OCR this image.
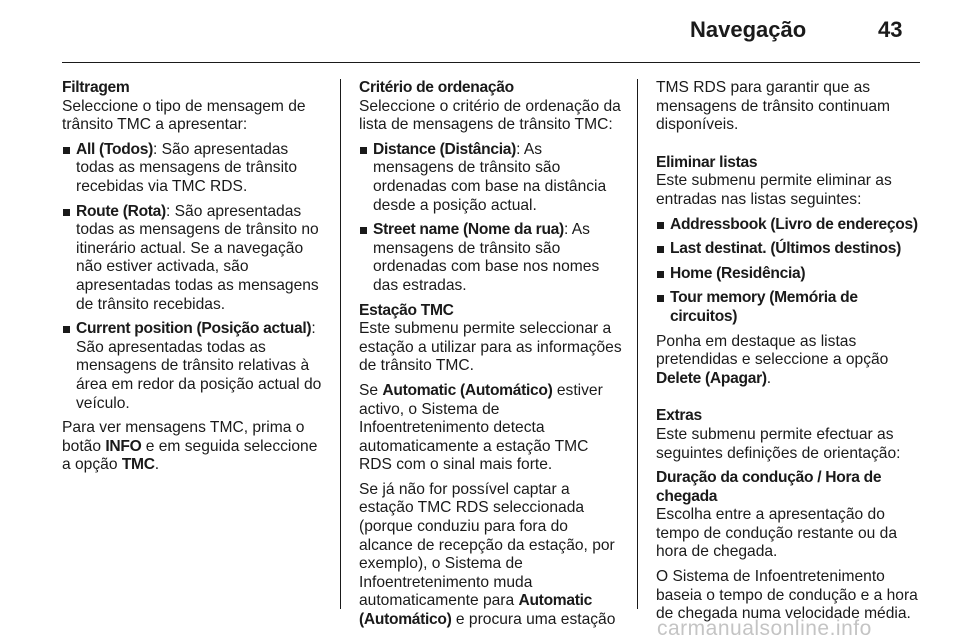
Navegação	43
Filtragem

Seleccione o tipo de mensagem de trânsito TMC a apresentar:

All (Todos): São apresentadas todas as mensagens de trânsito recebidas via TMC RDS.
Route (Rota): São apresentadas todas as mensagens de trânsito no itinerário actual. Se a navegação não estiver activada, são apresentadas todas as mensagens de trânsito recebidas.
Current position (Posição actual): São apresentadas todas as mensagens de trânsito relativas à área em redor da posição actual do veículo.

Para ver mensagens TMC, prima o botão INFO e em seguida seleccione a opção TMC.

Critério de ordenação

Seleccione o critério de ordenação da lista de mensagens de trânsito TMC:

Distance (Distância): As mensagens de trânsito são ordenadas com base na distância desde a posição actual.
Street name (Nome da rua): As mensagens de trânsito são ordenadas com base nos nomes das estradas.
Estação TMC

Este submenu permite seleccionar a estação a utilizar para as informações de trânsito TMC.

Se Automatic (Automático) estiver activo, o Sistema de Infoentretenimento detecta automaticamente a estação TMC RDS com o sinal mais forte.

Se já não for possível captar a estação TMC RDS seleccionada (porque conduziu para fora do alcance de recepção da estação, por exemplo), o Sistema de Infoentretenimento muda automaticamente para Automatic (Automático) e procura uma estação

TMS RDS para garantir que as mensagens de trânsito continuam disponíveis.

Eliminar listas

Este submenu permite eliminar as entradas nas listas seguintes:

Addressbook (Livro de endereços)
Last destinat. (Últimos destinos)
Home (Residência)
Tour memory (Memória de circuitos)

Ponha em destaque as listas pretendidas e seleccione a opção Delete (Apagar).

Extras

Este submenu permite efectuar as seguintes definições de orientação:

Duração da condução / Hora de chegada

Escolha entre a apresentação do tempo de condução restante ou da hora de chegada.

O Sistema de Infoentretenimento baseia o tempo de condução e a hora de chegada numa velocidade média.

carmanualsonline.info
